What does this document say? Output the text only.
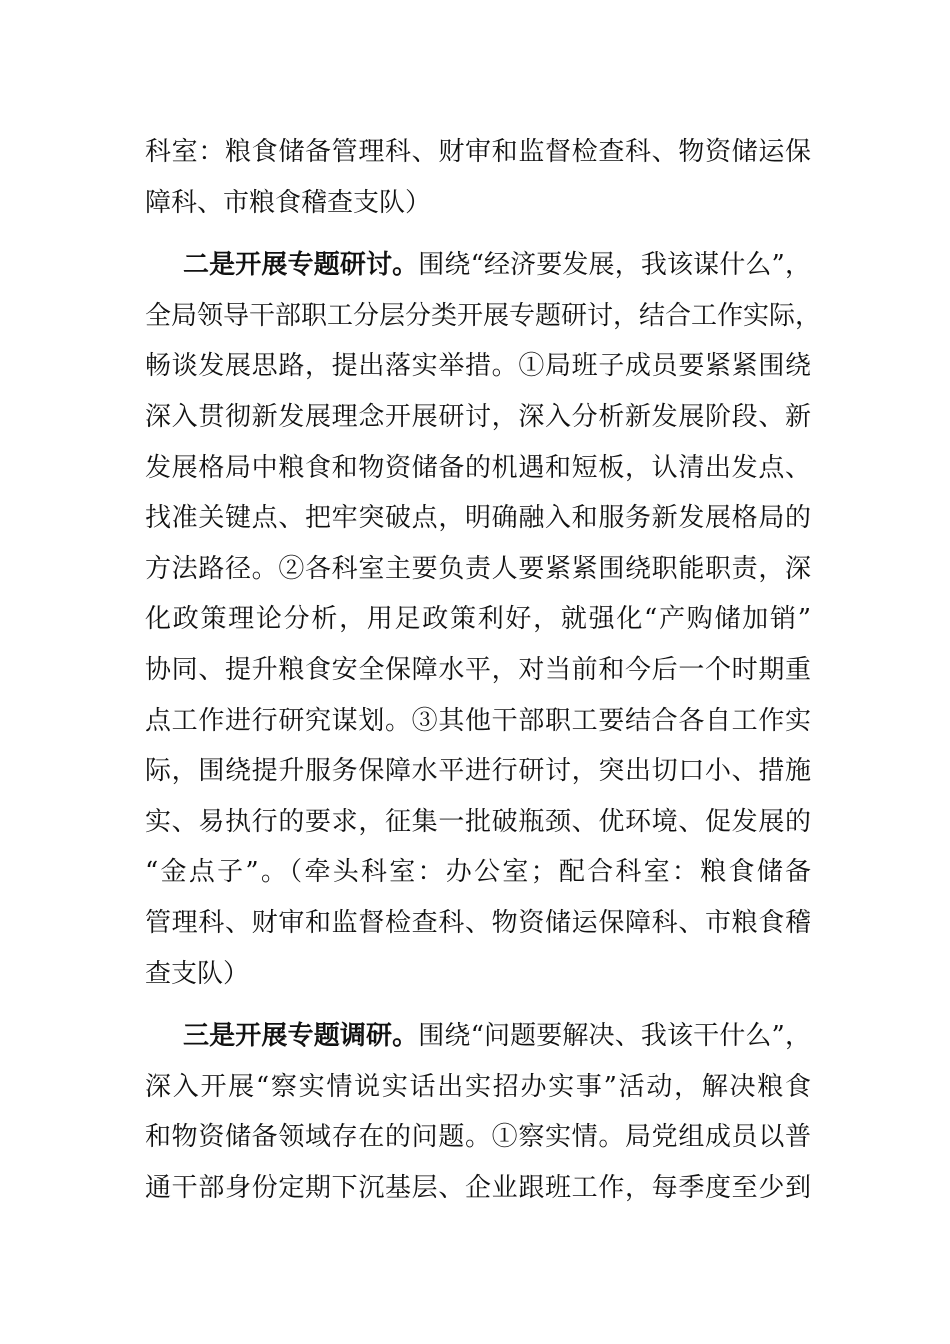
科室：粮食储备管理科、财审和监督检查科、物资储运保
障科、市粮食稽查支队）
二是开展专题研讨。围绕“经济要发展，我该谋什么”，
全局领导干部职工分层分类开展专题研讨，结合工作实际，
畅谈发展思路，提出落实举措。①局班子成员要紧紧围绕
深入贯彻新发展理念开展研讨，深入分析新发展阶段、新
发展格局中粮食和物资储备的机遇和短板，认清出发点、
找准关键点、把牢突破点，明确融入和服务新发展格局的
方法路径。②各科室主要负责人要紧紧围绕职能职责，深
化政策理论分析，用足政策利好，就强化“产购储加销”
协同、提升粮食安全保障水平，对当前和今后一个时期重
点工作进行研究谋划。③其他干部职工要结合各自工作实
际，围绕提升服务保障水平进行研讨，突出切口小、措施
实、易执行的要求，征集一批破瓶颈、优环境、促发展的
“金点子”。（牵头科室：办公室；配合科室：粮食储备
管理科、财审和监督检查科、物资储运保障科、市粮食稽
查支队）
三是开展专题调研。围绕“问题要解决、我该干什么”，
深入开展“察实情说实话出实招办实事”活动，解决粮食
和物资储备领域存在的问题。①察实情。局党组成员以普
通干部身份定期下沉基层、企业跟班工作，每季度至少到
